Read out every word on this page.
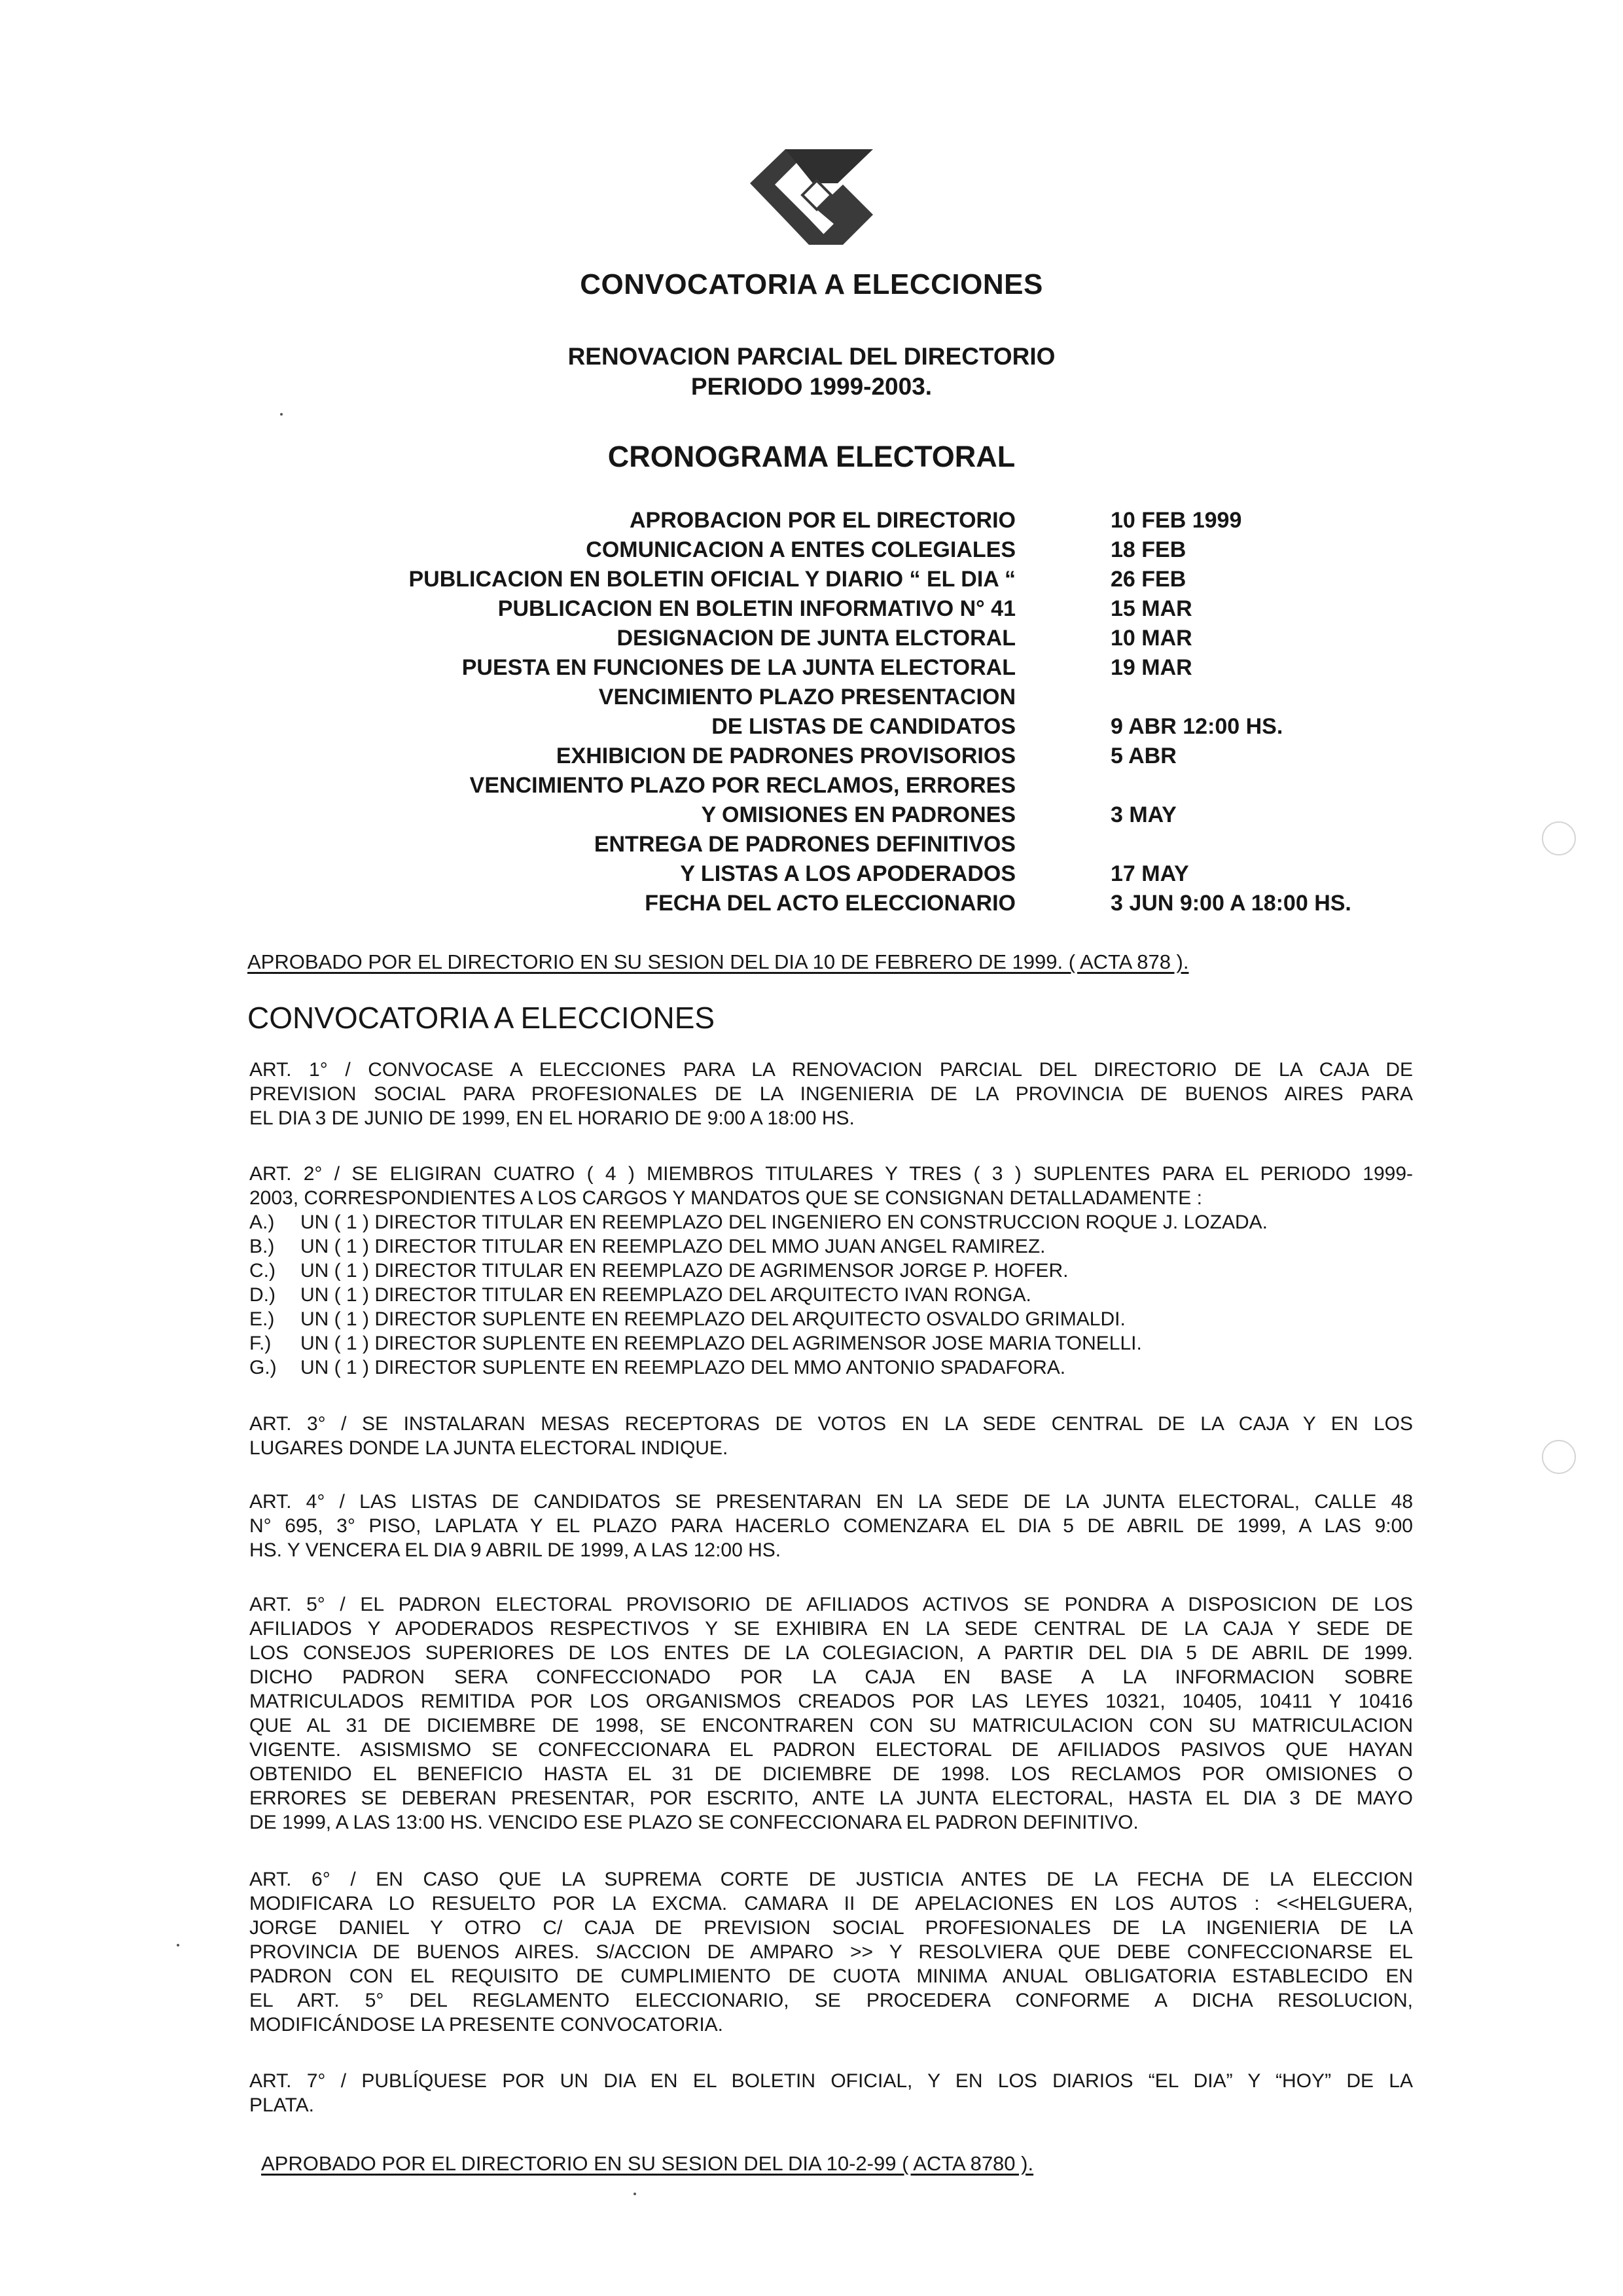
CONVOCATORIA A ELECCIONES
RENOVACION PARCIAL DEL DIRECTORIO
PERIODO 1999-2003.
CRONOGRAMA ELECTORAL
APROBACION POR EL DIRECTORIO	10 FEB 1999
COMUNICACION A ENTES COLEGIALES	18 FEB
PUBLICACION EN BOLETIN OFICIAL Y DIARIO “ EL DIA “	26 FEB
PUBLICACION EN BOLETIN INFORMATIVO N° 41	15 MAR
DESIGNACION DE JUNTA ELCTORAL	10 MAR
PUESTA EN FUNCIONES DE LA JUNTA ELECTORAL	19 MAR
VENCIMIENTO PLAZO PRESENTACION
DE LISTAS DE CANDIDATOS	9 ABR 12:00 HS.
EXHIBICION DE PADRONES PROVISORIOS	5 ABR
VENCIMIENTO PLAZO POR RECLAMOS, ERRORES
Y OMISIONES EN PADRONES	3 MAY
ENTREGA DE PADRONES DEFINITIVOS
Y LISTAS A LOS APODERADOS	17 MAY
FECHA DEL ACTO ELECCIONARIO	3 JUN 9:00 A 18:00 HS.
APROBADO POR EL DIRECTORIO EN SU SESION DEL DIA 10 DE FEBRERO DE 1999. ( ACTA 878 ).
CONVOCATORIA A ELECCIONES
ART. 1° / CONVOCASE A ELECCIONES PARA LA RENOVACION PARCIAL DEL DIRECTORIO DE LA CAJA DE
PREVISION SOCIAL PARA PROFESIONALES DE LA INGENIERIA DE LA PROVINCIA DE BUENOS AIRES PARA
EL DIA 3 DE JUNIO DE 1999, EN EL HORARIO DE 9:00 A 18:00 HS.
ART. 2° / SE ELIGIRAN CUATRO ( 4 ) MIEMBROS TITULARES Y TRES ( 3 ) SUPLENTES PARA EL PERIODO 1999-
2003, CORRESPONDIENTES A LOS CARGOS Y MANDATOS QUE SE CONSIGNAN DETALLADAMENTE :
A.) UN ( 1 ) DIRECTOR TITULAR EN REEMPLAZO DEL INGENIERO EN CONSTRUCCION ROQUE J. LOZADA.
B.) UN ( 1 ) DIRECTOR TITULAR EN REEMPLAZO DEL MMO JUAN ANGEL RAMIREZ.
C.) UN ( 1 ) DIRECTOR TITULAR EN REEMPLAZO DE AGRIMENSOR JORGE P. HOFER.
D.) UN ( 1 ) DIRECTOR TITULAR EN REEMPLAZO DEL ARQUITECTO IVAN RONGA.
E.) UN ( 1 ) DIRECTOR SUPLENTE EN REEMPLAZO DEL ARQUITECTO OSVALDO GRIMALDI.
F.) UN ( 1 ) DIRECTOR SUPLENTE EN REEMPLAZO DEL AGRIMENSOR JOSE MARIA TONELLI.
G.) UN ( 1 ) DIRECTOR SUPLENTE EN REEMPLAZO DEL MMO ANTONIO SPADAFORA.
ART. 3° / SE INSTALARAN MESAS RECEPTORAS DE VOTOS EN LA SEDE CENTRAL DE LA CAJA Y EN LOS
LUGARES DONDE LA JUNTA ELECTORAL INDIQUE.
ART. 4° / LAS LISTAS DE CANDIDATOS SE PRESENTARAN EN LA SEDE DE LA JUNTA ELECTORAL, CALLE 48
N° 695, 3° PISO, LAPLATA Y EL PLAZO PARA HACERLO COMENZARA EL DIA 5 DE ABRIL DE 1999, A LAS 9:00
HS. Y VENCERA EL DIA 9 ABRIL DE 1999, A LAS 12:00 HS.
ART. 5° / EL PADRON ELECTORAL PROVISORIO DE AFILIADOS ACTIVOS SE PONDRA A DISPOSICION DE LOS
AFILIADOS Y APODERADOS RESPECTIVOS Y SE EXHIBIRA EN LA SEDE CENTRAL DE LA CAJA Y SEDE DE
LOS CONSEJOS SUPERIORES DE LOS ENTES DE LA COLEGIACION, A PARTIR DEL DIA 5 DE ABRIL DE 1999.
DICHO PADRON SERA CONFECCIONADO POR LA CAJA EN BASE A LA INFORMACION SOBRE
MATRICULADOS REMITIDA POR LOS ORGANISMOS CREADOS POR LAS LEYES 10321, 10405, 10411 Y 10416
QUE AL 31 DE DICIEMBRE DE 1998, SE ENCONTRAREN CON SU MATRICULACION CON SU MATRICULACION
VIGENTE. ASISMISMO SE CONFECCIONARA EL PADRON ELECTORAL DE AFILIADOS PASIVOS QUE HAYAN
OBTENIDO EL BENEFICIO HASTA EL 31 DE DICIEMBRE DE 1998. LOS RECLAMOS POR OMISIONES O
ERRORES SE DEBERAN PRESENTAR, POR ESCRITO, ANTE LA JUNTA ELECTORAL, HASTA EL DIA 3 DE MAYO
DE 1999, A LAS 13:00 HS. VENCIDO ESE PLAZO SE CONFECCIONARA EL PADRON DEFINITIVO.
ART. 6° / EN CASO QUE LA SUPREMA CORTE DE JUSTICIA ANTES DE LA FECHA DE LA ELECCION
MODIFICARA LO RESUELTO POR LA EXCMA. CAMARA II DE APELACIONES EN LOS AUTOS : <<HELGUERA,
JORGE DANIEL Y OTRO C/ CAJA DE PREVISION SOCIAL PROFESIONALES DE LA INGENIERIA DE LA
PROVINCIA DE BUENOS AIRES. S/ACCION DE AMPARO >> Y RESOLVIERA QUE DEBE CONFECCIONARSE EL
PADRON CON EL REQUISITO DE CUMPLIMIENTO DE CUOTA MINIMA ANUAL OBLIGATORIA ESTABLECIDO EN
EL ART. 5° DEL REGLAMENTO ELECCIONARIO, SE PROCEDERA CONFORME A DICHA RESOLUCION,
MODIFICÁNDOSE LA PRESENTE CONVOCATORIA.
ART. 7° / PUBLÍQUESE POR UN DIA EN EL BOLETIN OFICIAL, Y EN LOS DIARIOS “EL DIA” Y “HOY” DE LA
PLATA.
APROBADO POR EL DIRECTORIO EN SU SESION DEL DIA 10-2-99 ( ACTA 8780 ).
